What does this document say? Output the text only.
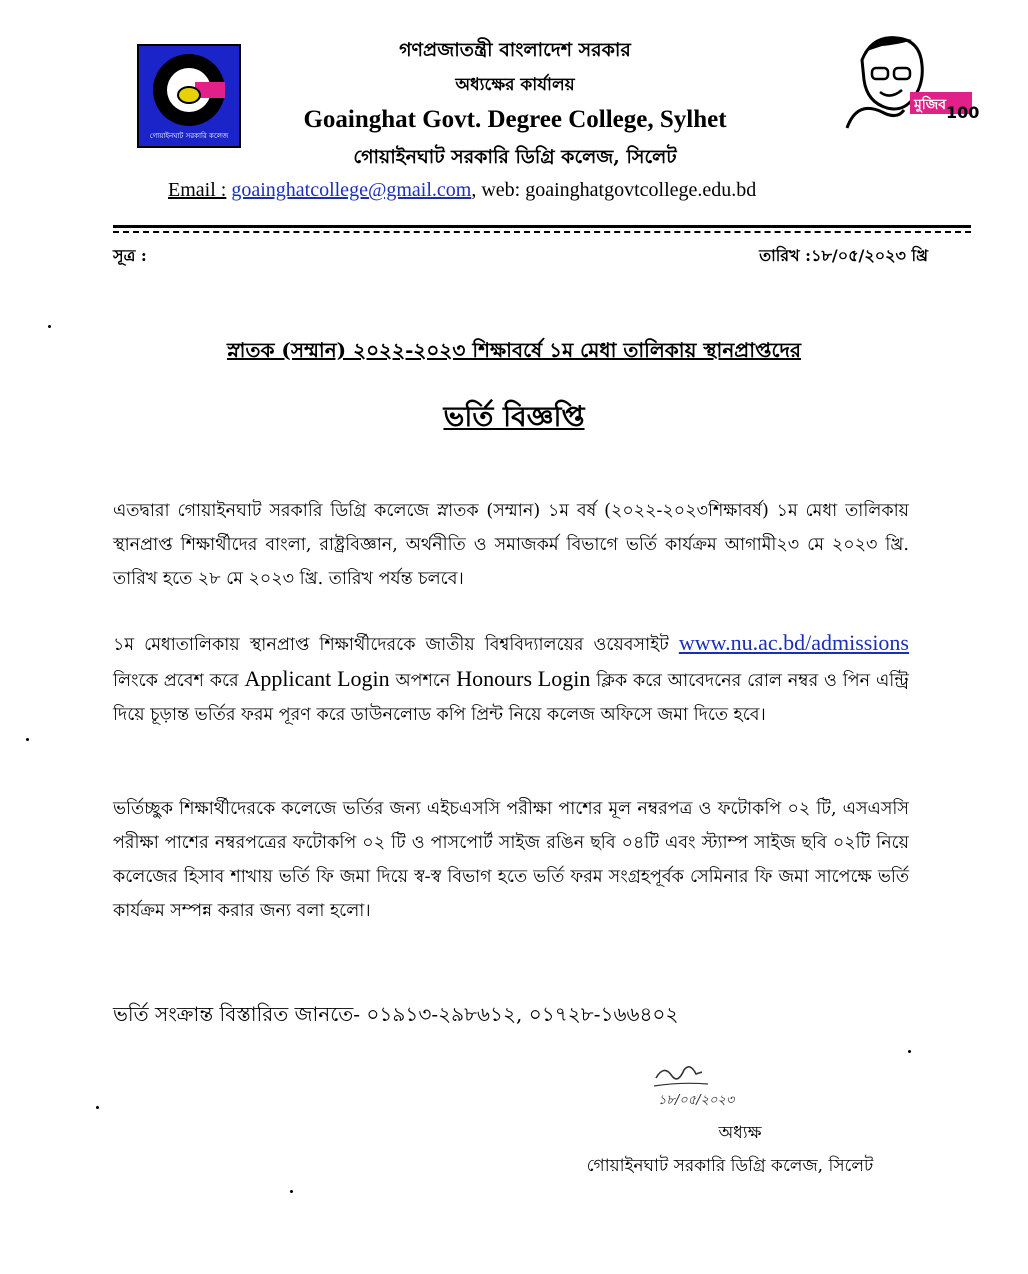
গোয়াইনঘাট সরকারি কলেজ
মুজিব 100
গণপ্রজাতন্ত্রী বাংলাদেশ সরকার
অধ্যক্ষের কার্যালয়
Goainghat Govt. Degree College, Sylhet
গোয়াইনঘাট সরকারি ডিগ্রি কলেজ, সিলেট
Email : goainghatcollege@gmail.com, web: goainghatgovtcollege.edu.bd
সূত্র :	তারিখ :১৮/০৫/২০২৩ খ্রি
স্নাতক (সম্মান) ২০২২-২০২৩ শিক্ষাবর্ষে ১ম মেধা তালিকায় স্থানপ্রাপ্তদের
ভর্তি বিজ্ঞপ্তি
এতদ্বারা গোয়াইনঘাট সরকারি ডিগ্রি কলেজে স্নাতক (সম্মান) ১ম বর্ষ (২০২২-২০২৩শিক্ষাবর্ষ) ১ম মেধা তালিকায় স্থানপ্রাপ্ত শিক্ষার্থীদের বাংলা, রাষ্ট্রবিজ্ঞান, অর্থনীতি ও সমাজকর্ম বিভাগে ভর্তি কার্যক্রম আগামী২৩ মে ২০২৩ খ্রি. তারিখ হতে ২৮ মে ২০২৩ খ্রি. তারিখ পর্যন্ত চলবে।
১ম মেধাতালিকায় স্থানপ্রাপ্ত শিক্ষার্থীদেরকে জাতীয় বিশ্ববিদ্যালয়ের ওয়েবসাইট www.nu.ac.bd/admissions লিংকে প্রবেশ করে Applicant Login অপশনে Honours Login ক্লিক করে আবেদনের রোল নম্বর ও পিন এন্ট্রি দিয়ে চূড়ান্ত ভর্তির ফরম পূরণ করে ডাউনলোড কপি প্রিন্ট নিয়ে কলেজ অফিসে জমা দিতে হবে।
ভর্তিচ্ছুক শিক্ষার্থীদেরকে কলেজে ভর্তির জন্য এইচএসসি পরীক্ষা পাশের মূল নম্বরপত্র ও ফটোকপি ০২ টি, এসএসসি পরীক্ষা পাশের নম্বরপত্রের ফটোকপি ০২ টি ও পাসপোর্ট সাইজ রঙিন ছবি ০৪টি এবং স্ট্যাম্প সাইজ ছবি ০২টি নিয়ে কলেজের হিসাব শাখায় ভর্তি ফি জমা দিয়ে স্ব-স্ব বিভাগ হতে ভর্তি ফরম সংগ্রহপূর্বক সেমিনার ফি জমা সাপেক্ষে ভর্তি কার্যক্রম সম্পন্ন করার জন্য বলা হলো।
ভর্তি সংক্রান্ত বিস্তারিত জানতে- ০১৯১৩-২৯৮৬১২, ০১৭২৮-১৬৬৪০২
১৮/০৫/২০২৩
অধ্যক্ষ
গোয়াইনঘাট সরকারি ডিগ্রি কলেজ, সিলেট
